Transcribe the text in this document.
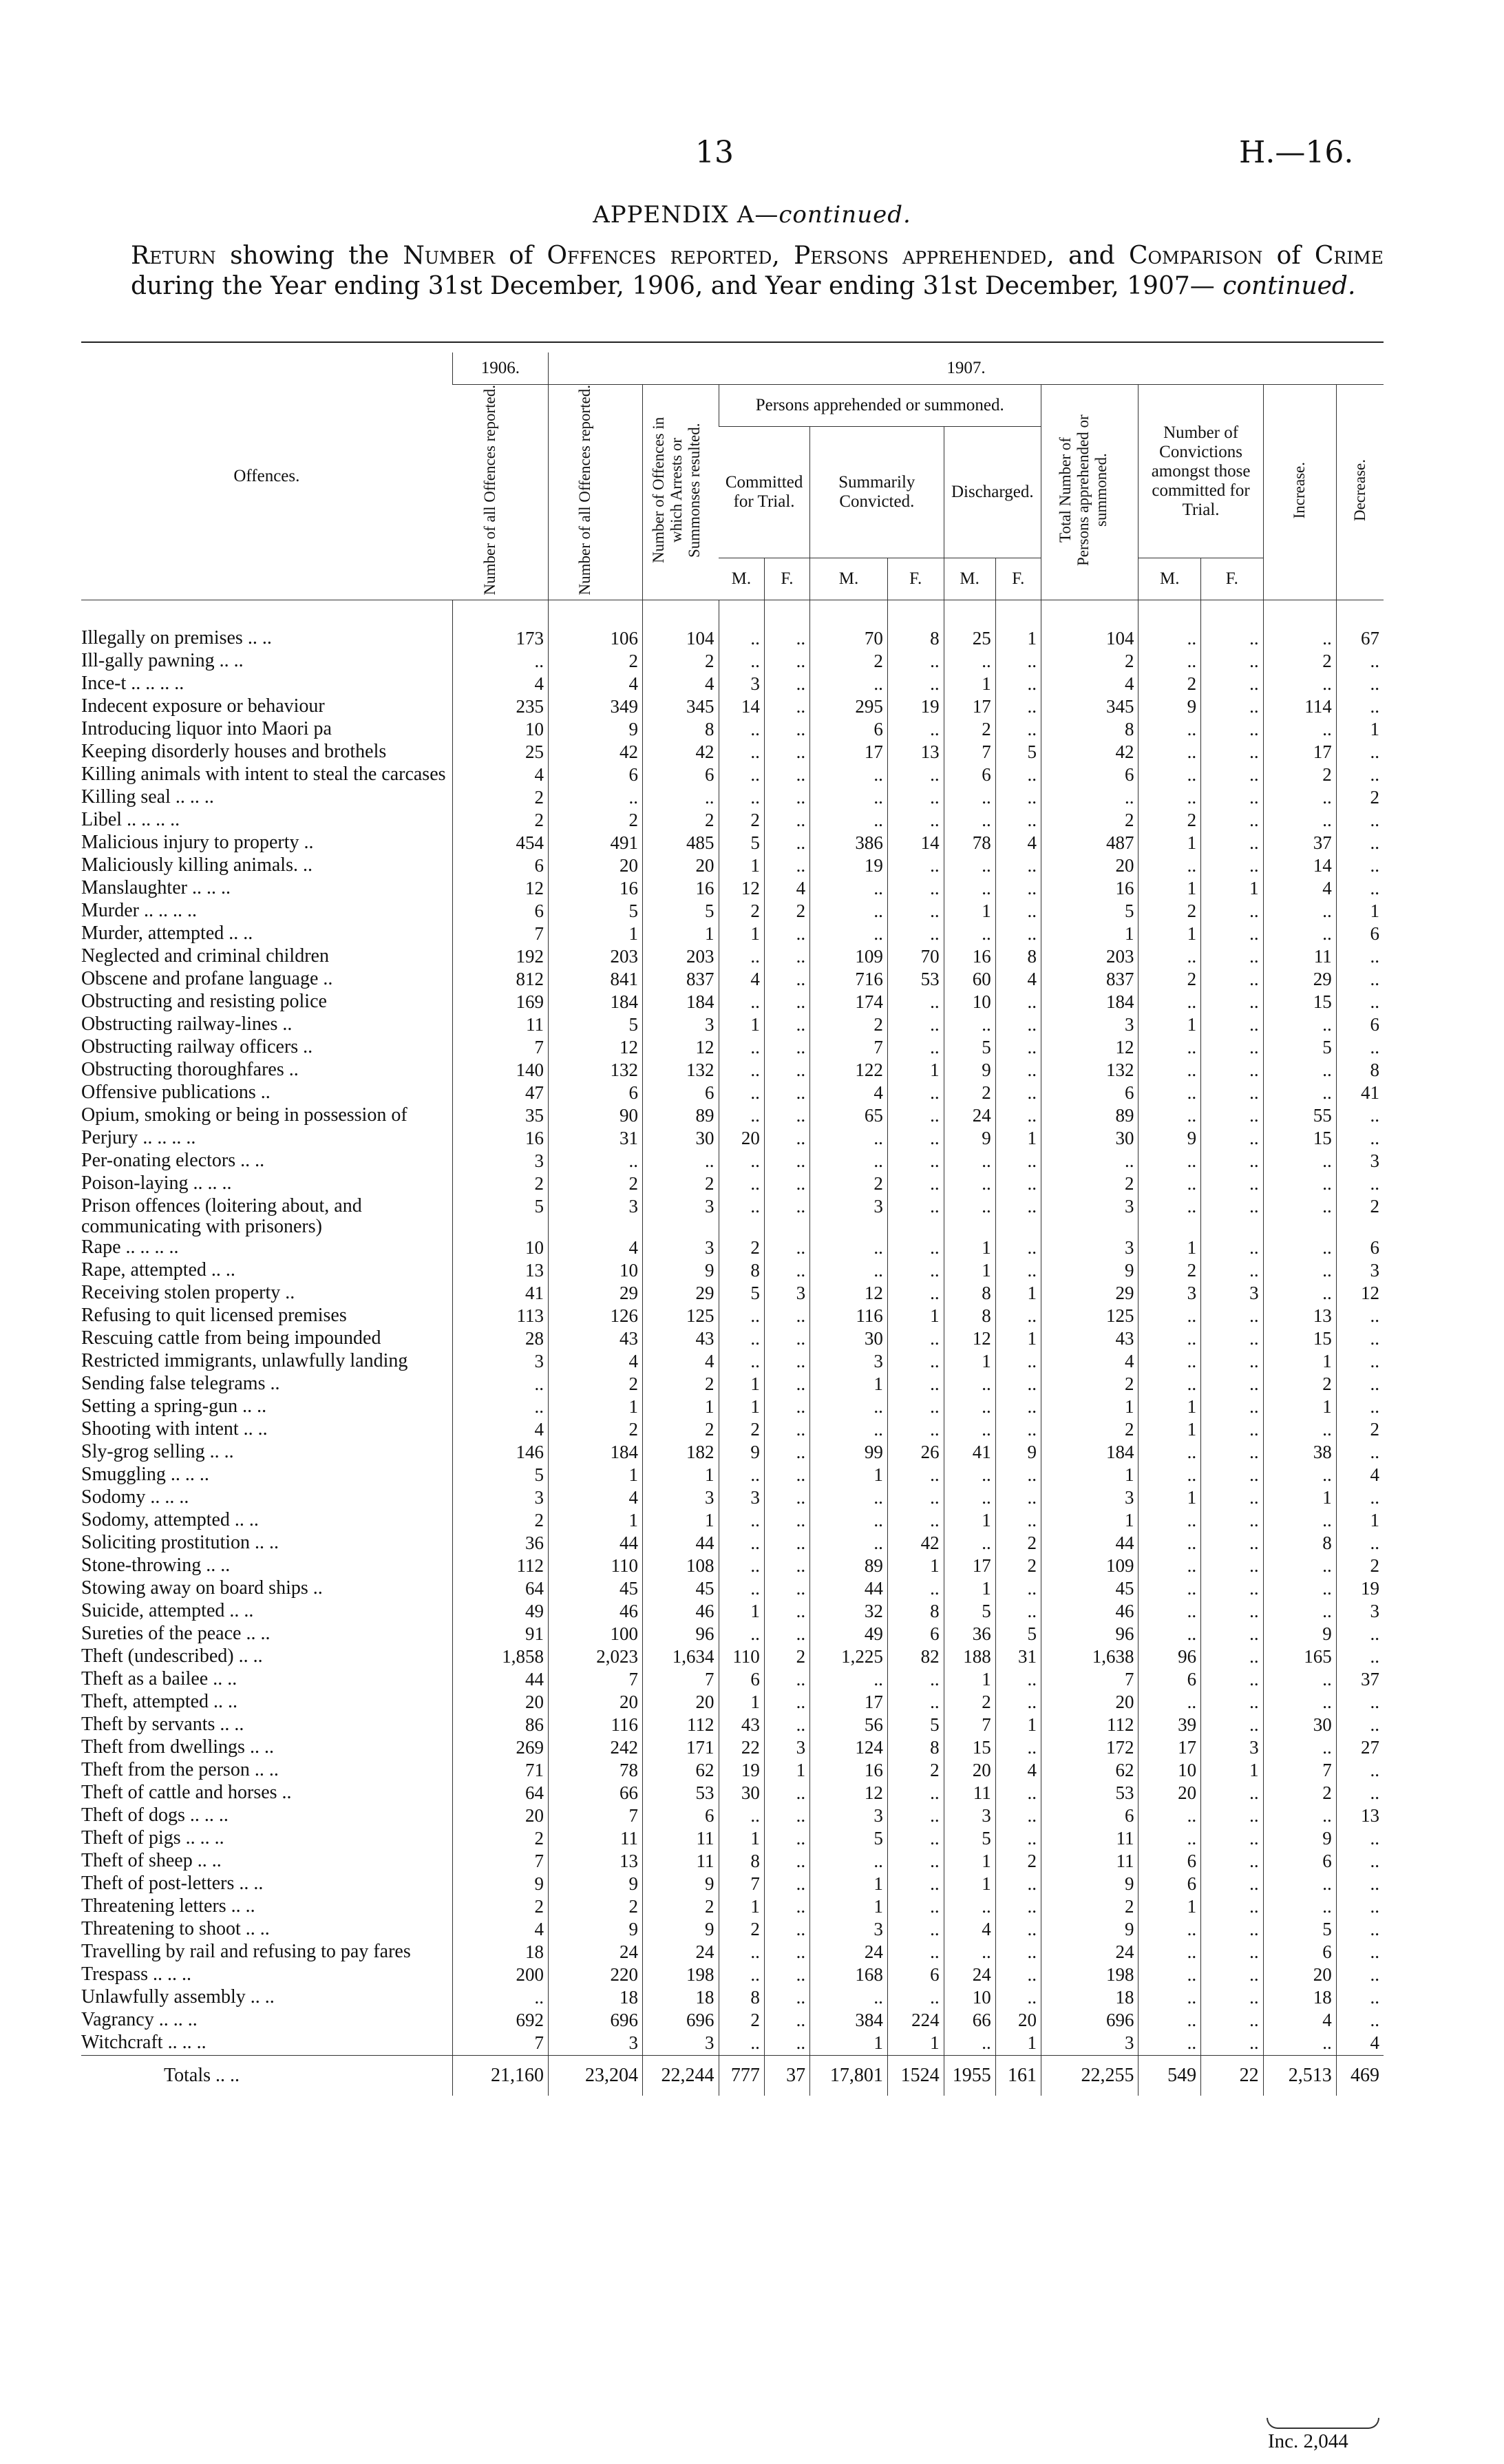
13	H.—16.
APPENDIX A—continued.
Return showing the Number of Offences reported, Persons apprehended, and Comparison of Crime during the Year ending 31st December, 1906, and Year ending 31st December, 1907— continued.
Offences.	1906.	1907.												
	Number of all Offences reported.	Number of all Offences reported.	Number of Offences in which Arrests or Summonses resulted.	Persons apprehended or summoned.						Total Number of Persons apprehended or summoned.	Number of Convictions amongst those committed for Trial.		Increase.	Decrease.
				Committed for Trial.		Summarily Convicted.		Discharged.						
				M.	F.	M.	F.	M.	F.		M.	F.		
Illegally on premises .. ..	173	106	104	..	..	70	8	25	1	104	..	..	..	67
Ill-gally pawning .. ..	..	2	2	..	..	2	..	..	..	2	..	..	2	..
Ince-t .. .. .. ..	4	4	4	3	..	..	..	1	..	4	2	..	..	..
Indecent exposure or behaviour	235	349	345	14	..	295	19	17	..	345	9	..	114	..
Introducing liquor into Maori pa	10	9	8	..	..	6	..	2	..	8	..	..	..	1
Keeping disorderly houses and brothels	25	42	42	..	..	17	13	7	5	42	..	..	17	..
Killing animals with intent to steal the carcases	4	6	6	..	..	..	..	6	..	6	..	..	2	..
Killing seal .. .. ..	2	..	..	..	..	..	..	..	..	..	..	..	..	2
Libel .. .. .. ..	2	2	2	2	..	..	..	..	..	2	2	..	..	..
Malicious injury to property ..	454	491	485	5	..	386	14	78	4	487	1	..	37	..
Maliciously killing animals. ..	6	20	20	1	..	19	..	..	..	20	..	..	14	..
Manslaughter .. .. ..	12	16	16	12	4	..	..	..	..	16	1	1	4	..
Murder .. .. .. ..	6	5	5	2	2	..	..	1	..	5	2	..	..	1
Murder, attempted .. ..	7	1	1	1	..	..	..	..	..	1	1	..	..	6
Neglected and criminal children	192	203	203	..	..	109	70	16	8	203	..	..	11	..
Obscene and profane language ..	812	841	837	4	..	716	53	60	4	837	2	..	29	..
Obstructing and resisting police	169	184	184	..	..	174	..	10	..	184	..	..	15	..
Obstructing railway-lines ..	11	5	3	1	..	2	..	..	..	3	1	..	..	6
Obstructing railway officers ..	7	12	12	..	..	7	..	5	..	12	..	..	5	..
Obstructing thoroughfares ..	140	132	132	..	..	122	1	9	..	132	..	..	..	8
Offensive publications ..	47	6	6	..	..	4	..	2	..	6	..	..	..	41
Opium, smoking or being in possession of	35	90	89	..	..	65	..	24	..	89	..	..	55	..
Perjury .. .. .. ..	16	31	30	20	..	..	..	9	1	30	9	..	15	..
Per-onating electors .. ..	3	..	..	..	..	..	..	..	..	..	..	..	..	3
Poison-laying .. .. ..	2	2	2	..	..	2	..	..	..	2	..	..	..	..
Prison offences (loitering about, and communicating with prisoners)	5	3	3	..	..	3	..	..	..	3	..	..	..	2
Rape .. .. .. ..	10	4	3	2	..	..	..	1	..	3	1	..	..	6
Rape, attempted .. ..	13	10	9	8	..	..	..	1	..	9	2	..	..	3
Receiving stolen property ..	41	29	29	5	3	12	..	8	1	29	3	3	..	12
Refusing to quit licensed premises	113	126	125	..	..	116	1	8	..	125	..	..	13	..
Rescuing cattle from being impounded	28	43	43	..	..	30	..	12	1	43	..	..	15	..
Restricted immigrants, unlawfully landing	3	4	4	..	..	3	..	1	..	4	..	..	1	..
Sending false telegrams ..	..	2	2	1	..	1	..	..	..	2	..	..	2	..
Setting a spring-gun .. ..	..	1	1	1	..	..	..	..	..	1	1	..	1	..
Shooting with intent .. ..	4	2	2	2	..	..	..	..	..	2	1	..	..	2
Sly-grog selling .. ..	146	184	182	9	..	99	26	41	9	184	..	..	38	..
Smuggling .. .. ..	5	1	1	..	..	1	..	..	..	1	..	..	..	4
Sodomy .. .. ..	3	4	3	3	..	..	..	..	..	3	1	..	1	..
Sodomy, attempted .. ..	2	1	1	..	..	..	..	1	..	1	..	..	..	1
Soliciting prostitution .. ..	36	44	44	..	..	..	42	..	2	44	..	..	8	..
Stone-throwing .. ..	112	110	108	..	..	89	1	17	2	109	..	..	..	2
Stowing away on board ships ..	64	45	45	..	..	44	..	1	..	45	..	..	..	19
Suicide, attempted .. ..	49	46	46	1	..	32	8	5	..	46	..	..	..	3
Sureties of the peace .. ..	91	100	96	..	..	49	6	36	5	96	..	..	9	..
Theft (undescribed) .. ..	1,858	2,023	1,634	110	2	1,225	82	188	31	1,638	96	..	165	..
Theft as a bailee .. ..	44	7	7	6	..	..	..	1	..	7	6	..	..	37
Theft, attempted .. ..	20	20	20	1	..	17	..	2	..	20	..	..	..	..
Theft by servants .. ..	86	116	112	43	..	56	5	7	1	112	39	..	30	..
Theft from dwellings .. ..	269	242	171	22	3	124	8	15	..	172	17	3	..	27
Theft from the person .. ..	71	78	62	19	1	16	2	20	4	62	10	1	7	..
Theft of cattle and horses ..	64	66	53	30	..	12	..	11	..	53	20	..	2	..
Theft of dogs .. .. ..	20	7	6	..	..	3	..	3	..	6	..	..	..	13
Theft of pigs .. .. ..	2	11	11	1	..	5	..	5	..	11	..	..	9	..
Theft of sheep .. ..	7	13	11	8	..	..	..	1	2	11	6	..	6	..
Theft of post-letters .. ..	9	9	9	7	..	1	..	1	..	9	6	..	..	..
Threatening letters .. ..	2	2	2	1	..	1	..	..	..	2	1	..	..	..
Threatening to shoot .. ..	4	9	9	2	..	3	..	4	..	9	..	..	5	..
Travelling by rail and refusing to pay fares	18	24	24	..	..	24	..	..	..	24	..	..	6	..
Trespass .. .. ..	200	220	198	..	..	168	6	24	..	198	..	..	20	..
Unlawfully assembly .. ..	..	18	18	8	..	..	..	10	..	18	..	..	18	..
Vagrancy .. .. ..	692	696	696	2	..	384	224	66	20	696	..	..	4	..
Witchcraft .. .. ..	7	3	3	..	..	1	1	..	1	3	..	..	..	4
Totals .. ..	21,160	23,204	22,244	777	37	17,801	1524	1955	161	22,255	549	22	2,513	469
Inc. 2,044
